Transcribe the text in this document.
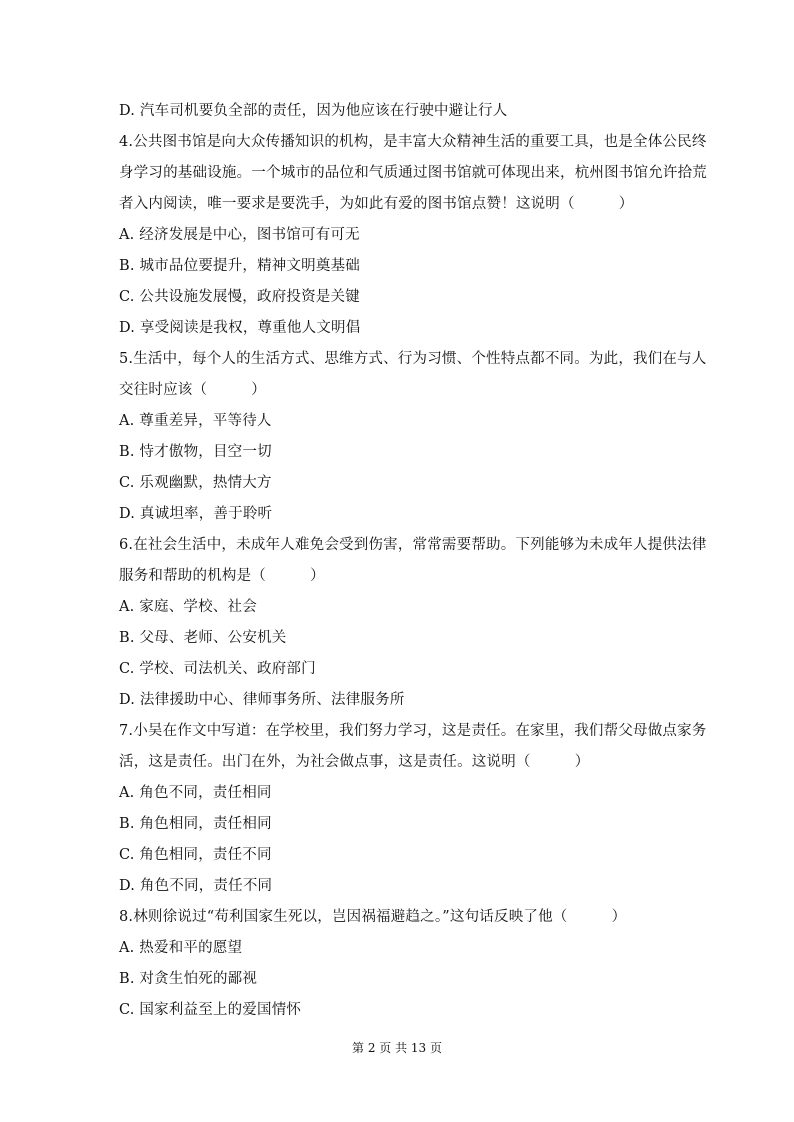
D. 汽车司机要负全部的责任，因为他应该在行驶中避让行人
4.公共图书馆是向大众传播知识的机构，是丰富大众精神生活的重要工具，也是全体公民终
身学习的基础设施。一个城市的品位和气质通过图书馆就可体现出来，杭州图书馆允许拾荒
者入内阅读，唯一要求是要洗手，为如此有爱的图书馆点赞！这说明（　　　）
A. 经济发展是中心，图书馆可有可无
B. 城市品位要提升，精神文明奠基础
C. 公共设施发展慢，政府投资是关键
D. 享受阅读是我权，尊重他人文明倡
5.生活中，每个人的生活方式、思维方式、行为习惯、个性特点都不同。为此，我们在与人
交往时应该（　　　）
A. 尊重差异，平等待人
B. 恃才傲物，目空一切
C. 乐观幽默，热情大方
D. 真诚坦率，善于聆听
6.在社会生活中，未成年人难免会受到伤害，常常需要帮助。下列能够为未成年人提供法律
服务和帮助的机构是（　　　）
A. 家庭、学校、社会
B. 父母、老师、公安机关
C. 学校、司法机关、政府部门
D. 法律援助中心、律师事务所、法律服务所
7.小吴在作文中写道：在学校里，我们努力学习，这是责任。在家里，我们帮父母做点家务
活，这是责任。出门在外，为社会做点事，这是责任。这说明（　　　）
A. 角色不同，责任相同
B. 角色相同，责任相同
C. 角色相同，责任不同
D. 角色不同，责任不同
8.林则徐说过“苟利国家生死以，岂因祸福避趋之。”这句话反映了他（　　　）
A. 热爱和平的愿望
B. 对贪生怕死的鄙视
C. 国家利益至上的爱国情怀
第 2 页 共 13 页
